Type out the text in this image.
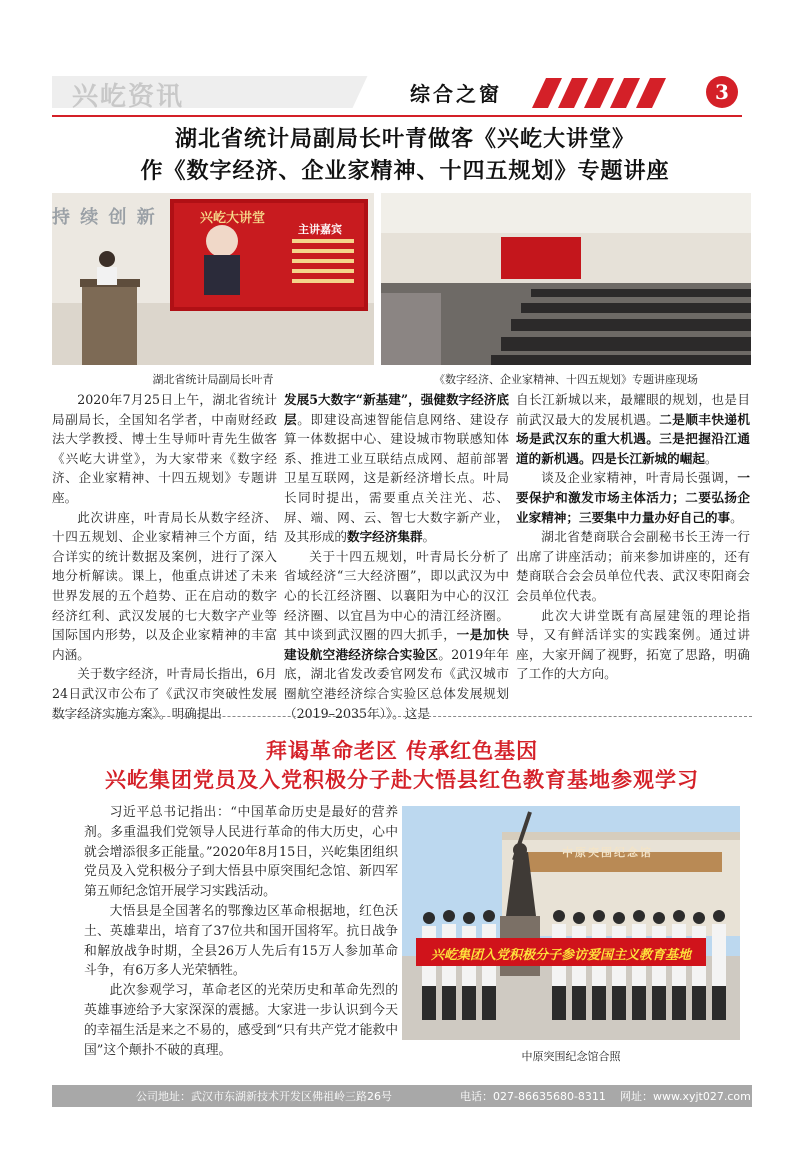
兴屹资讯	综合之窗	3
湖北省统计局副局长叶青做客《兴屹大讲堂》
作《数字经济、企业家精神、十四五规划》专题讲座
持 续 创 新	兴屹大讲堂
主讲嘉宾
湖北省统计局副局长叶青	《数字经济、企业家精神、十四五规划》专题讲座现场

2020年7月25日上午，湖北省统计局副局长，全国知名学者，中南财经政法大学教授、博士生导师叶青先生做客《兴屹大讲堂》，为大家带来《数字经济、企业家精神、十四五规划》专题讲座。

此次讲座，叶青局长从数字经济、十四五规划、企业家精神三个方面，结合详实的统计数据及案例，进行了深入地分析解读。课上，他重点讲述了未来世界发展的五个趋势、正在启动的数字经济红利、武汉发展的七大数字产业等国际国内形势，以及企业家精神的丰富内涵。

关于数字经济，叶青局长指出，6月24日武汉市公布了《武汉市突破性发展数字经济实施方案》。明确提出

发展5大数字“新基建”，强健数字经济底层。即建设高速智能信息网络、建设存算一体数据中心、建设城市物联感知体系、推进工业互联结点成网、超前部署卫星互联网，这是新经济增长点。叶局长同时提出，需要重点关注光、芯、屏、端、网、云、智七大数字新产业，及其形成的数字经济集群。

关于十四五规划，叶青局长分析了省域经济“三大经济圈”，即以武汉为中心的长江经济圈、以襄阳为中心的汉江经济圈、以宜昌为中心的清江经济圈。其中谈到武汉圈的四大抓手，一是加快建设航空港经济综合实验区。2019年年底，湖北省发改委官网发布《武汉城市圈航空港经济综合实验区总体发展规划（2019–2035年）》。这是

自长江新城以来，最耀眼的规划，也是目前武汉最大的发展机遇。二是顺丰快递机场是武汉东的重大机遇。三是把握沿江通道的新机遇。四是长江新城的崛起。

谈及企业家精神，叶青局长强调，一要保护和激发市场主体活力；二要弘扬企业家精神；三要集中力量办好自己的事。

湖北省楚商联合会副秘书长王涛一行出席了讲座活动；前来参加讲座的，还有楚商联合会会员单位代表、武汉枣阳商会会员单位代表。

此次大讲堂既有高屋建瓴的理论指导，又有鲜活详实的实践案例。通过讲座，大家开阔了视野，拓宽了思路，明确了工作的大方向。

拜谒革命老区 传承红色基因
兴屹集团党员及入党积极分子赴大悟县红色教育基地参观学习

习近平总书记指出：“中国革命历史是最好的营养剂。多重温我们党领导人民进行革命的伟大历史，心中就会增添很多正能量。”2020年8月15日，兴屹集团组织党员及入党积极分子到大悟县中原突围纪念馆、新四军第五师纪念馆开展学习实践活动。

大悟县是全国著名的鄂豫边区革命根据地，红色沃土、英雄辈出，培育了37位共和国开国将军。抗日战争和解放战争时期，全县26万人先后有15万人参加革命斗争，有6万多人光荣牺牲。

此次参观学习，革命老区的光荣历史和革命先烈的英雄事迹给予大家深深的震撼。大家进一步认识到今天的幸福生活是来之不易的，感受到“只有共产党才能救中国”这个颠扑不破的真理。

中原突围纪念馆
兴屹集团入党积极分子参访爱国主义教育基地
中原突围纪念馆合照
公司地址：武汉市东湖新技术开发区佛祖岭三路26号	电话：027-86635680-8311 网址：www.xyjt027.com
